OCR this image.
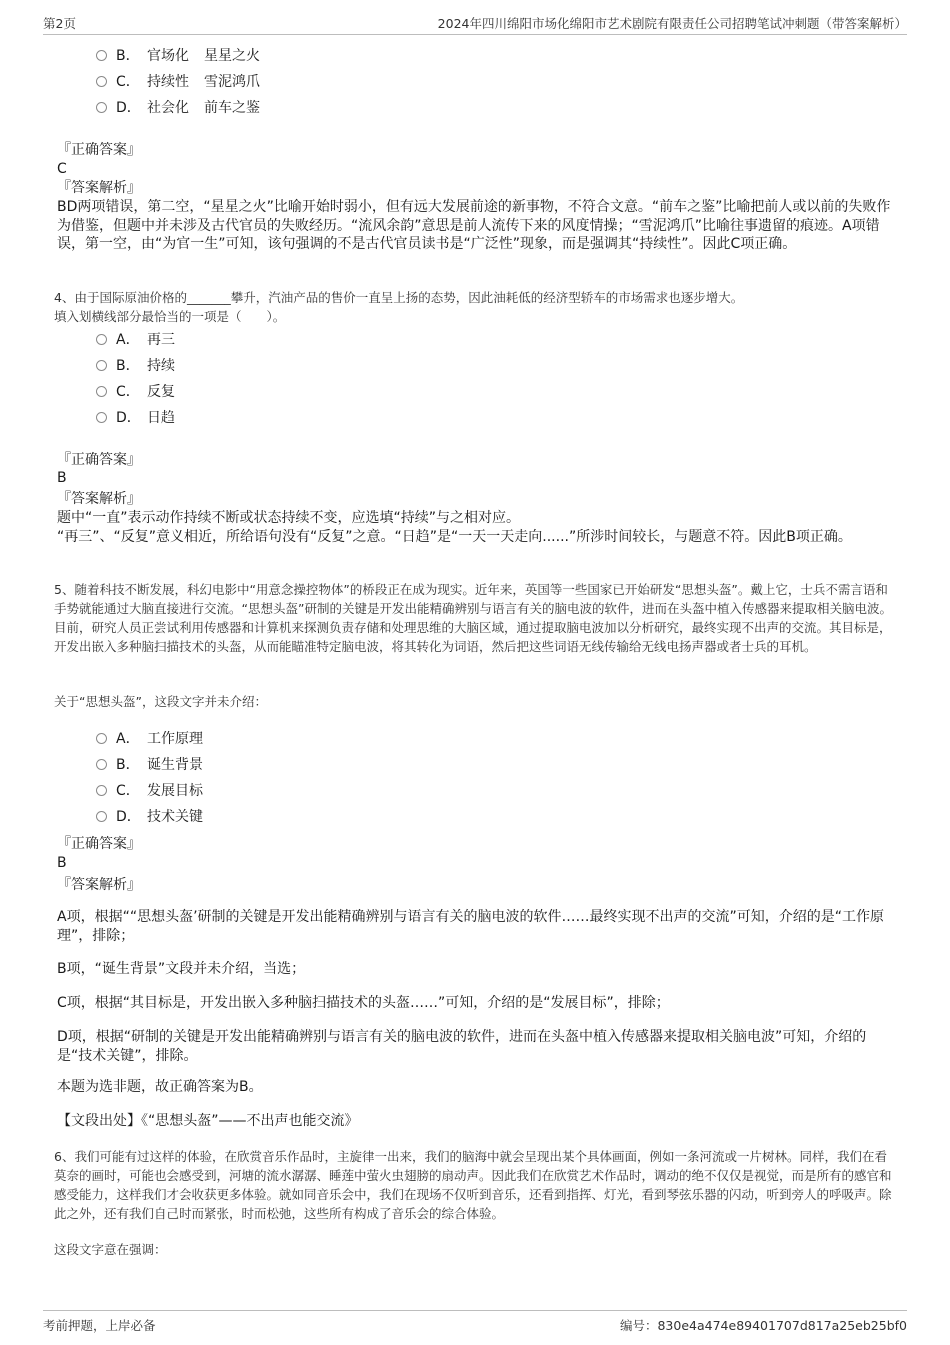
第2页	2024年四川绵阳市场化绵阳市艺术剧院有限责任公司招聘笔试冲刺题（带答案解析）
B． 官场化 星星之火
C． 持续性 雪泥鸿爪
D． 社会化 前车之鉴
『正确答案』
C
『答案解析』
BD两项错误，第二空，“星星之火”比喻开始时弱小，但有远大发展前途的新事物，不符合文意。“前车之鉴”比喻把前人或以前的失败作为借鉴，但题中并未涉及古代官员的失败经历。“流风余韵”意思是前人流传下来的风度情操；“雪泥鸿爪”比喻往事遗留的痕迹。A项错误，第一空，由“为官一生”可知，该句强调的不是古代官员读书是“广泛性”现象，而是强调其“持续性”。因此C项正确。
4、由于国际原油价格的_______攀升，汽油产品的售价一直呈上扬的态势，因此油耗低的经济型轿车的市场需求也逐步增大。
填入划横线部分最恰当的一项是（　　）。
A． 再三
B． 持续
C． 反复
D． 日趋
『正确答案』
B
『答案解析』
题中“一直”表示动作持续不断或状态持续不变，应选填“持续”与之相对应。
“再三”、“反复”意义相近，所给语句没有“反复”之意。“日趋”是“一天一天走向......”所涉时间较长，与题意不符。因此B项正确。
5、随着科技不断发展，科幻电影中“用意念操控物体”的桥段正在成为现实。近年来，英国等一些国家已开始研发“思想头盔”。戴上它，士兵不需言语和手势就能通过大脑直接进行交流。“思想头盔”研制的关键是开发出能精确辨别与语言有关的脑电波的软件，进而在头盔中植入传感器来提取相关脑电波。目前，研究人员正尝试利用传感器和计算机来探测负责存储和处理思维的大脑区域，通过提取脑电波加以分析研究，最终实现不出声的交流。其目标是，开发出嵌入多种脑扫描技术的头盔，从而能瞄准特定脑电波，将其转化为词语，然后把这些词语无线传输给无线电扬声器或者士兵的耳机。
关于“思想头盔”，这段文字并未介绍：
A． 工作原理
B． 诞生背景
C． 发展目标
D． 技术关键
『正确答案』
B
『答案解析』
A项，根据““思想头盔’研制的关键是开发出能精确辨别与语言有关的脑电波的软件……最终实现不出声的交流”可知，介绍的是“工作原理”，排除；
B项，“诞生背景”文段并未介绍，当选；
C项，根据“其目标是，开发出嵌入多种脑扫描技术的头盔……”可知，介绍的是“发展目标”，排除；
D项，根据“研制的关键是开发出能精确辨别与语言有关的脑电波的软件，进而在头盔中植入传感器来提取相关脑电波”可知，介绍的是“技术关键”，排除。
本题为选非题，故正确答案为B。
【文段出处】《“思想头盔”——不出声也能交流》
6、我们可能有过这样的体验，在欣赏音乐作品时，主旋律一出来，我们的脑海中就会呈现出某个具体画面，例如一条河流或一片树林。同样，我们在看莫奈的画时，可能也会感受到，河塘的流水潺潺、睡莲中萤火虫翅膀的扇动声。因此我们在欣赏艺术作品时，调动的绝不仅仅是视觉，而是所有的感官和感受能力，这样我们才会收获更多体验。就如同音乐会中，我们在现场不仅听到音乐，还看到指挥、灯光，看到琴弦乐器的闪动，听到旁人的呼吸声。除此之外，还有我们自己时而紧张，时而松弛，这些所有构成了音乐会的综合体验。
这段文字意在强调：
考前押题，上岸必备	编号：830e4a474e89401707d817a25eb25bf0
